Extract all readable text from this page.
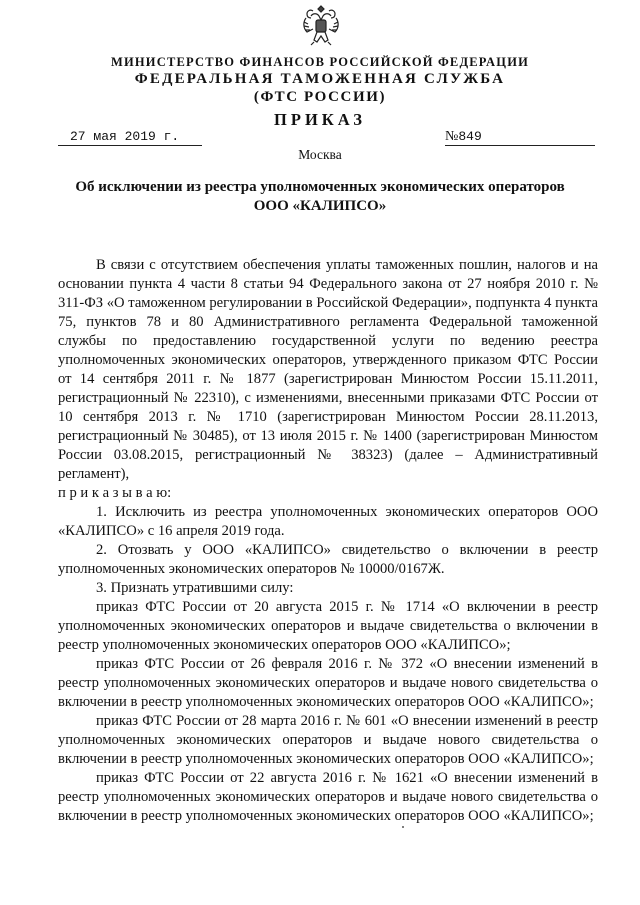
МИНИСТЕРСТВО ФИНАНСОВ РОССИЙСКОЙ ФЕДЕРАЦИИ
ФЕДЕРАЛЬНАЯ ТАМОЖЕННАЯ СЛУЖБА
(ФТС РОССИИ)
ПРИКАЗ
27 мая 2019 г.	№849
Москва
Об исключении из реестра уполномоченных экономических операторов
ООО «КАЛИПСО»

В связи с отсутствием обеспечения уплаты таможенных пошлин, налогов и на основании пункта 4 части 8 статьи 94 Федерального закона от 27 ноября 2010 г. № 311-ФЗ «О таможенном регулировании в Российской Федерации», подпункта 4 пункта 75, пунктов 78 и 80 Административного регламента Федеральной таможенной службы по предоставлению государственной услуги по ведению реестра уполномоченных экономических операторов, утвержденного приказом ФТС России от 14 сентября 2011 г. № 1877 (зарегистрирован Минюстом России 15.11.2011, регистрационный № 22310), с изменениями, внесенными приказами ФТС России от 10 сентября 2013 г. № 1710 (зарегистрирован Минюстом России 28.11.2013, регистрационный № 30485), от 13 июля 2015 г. № 1400 (зарегистрирован Минюстом России 03.08.2015, регистрационный № 38323) (далее – Административный регламент),

п р и к а з ы в а ю:

1. Исключить из реестра уполномоченных экономических операторов ООО «КАЛИПСО» с 16 апреля 2019 года.

2. Отозвать у ООО «КАЛИПСО» свидетельство о включении в реестр уполномоченных экономических операторов № 10000/0167Ж.

3. Признать утратившими силу:

приказ ФТС России от 20 августа 2015 г. № 1714 «О включении в реестр уполномоченных экономических операторов и выдаче свидетельства о включении в реестр уполномоченных экономических операторов ООО «КАЛИПСО»;

приказ ФТС России от 26 февраля 2016 г. № 372 «О внесении изменений в реестр уполномоченных экономических операторов и выдаче нового свидетельства о включении в реестр уполномоченных экономических операторов ООО «КАЛИПСО»;

приказ ФТС России от 28 марта 2016 г. № 601 «О внесении изменений в реестр уполномоченных экономических операторов и выдаче нового свидетельства о включении в реестр уполномоченных экономических операторов ООО «КАЛИПСО»;

приказ ФТС России от 22 августа 2016 г. № 1621 «О внесении изменений в реестр уполномоченных экономических операторов и выдаче нового свидетельства о включении в реестр уполномоченных экономических операторов ООО «КАЛИПСО»;
